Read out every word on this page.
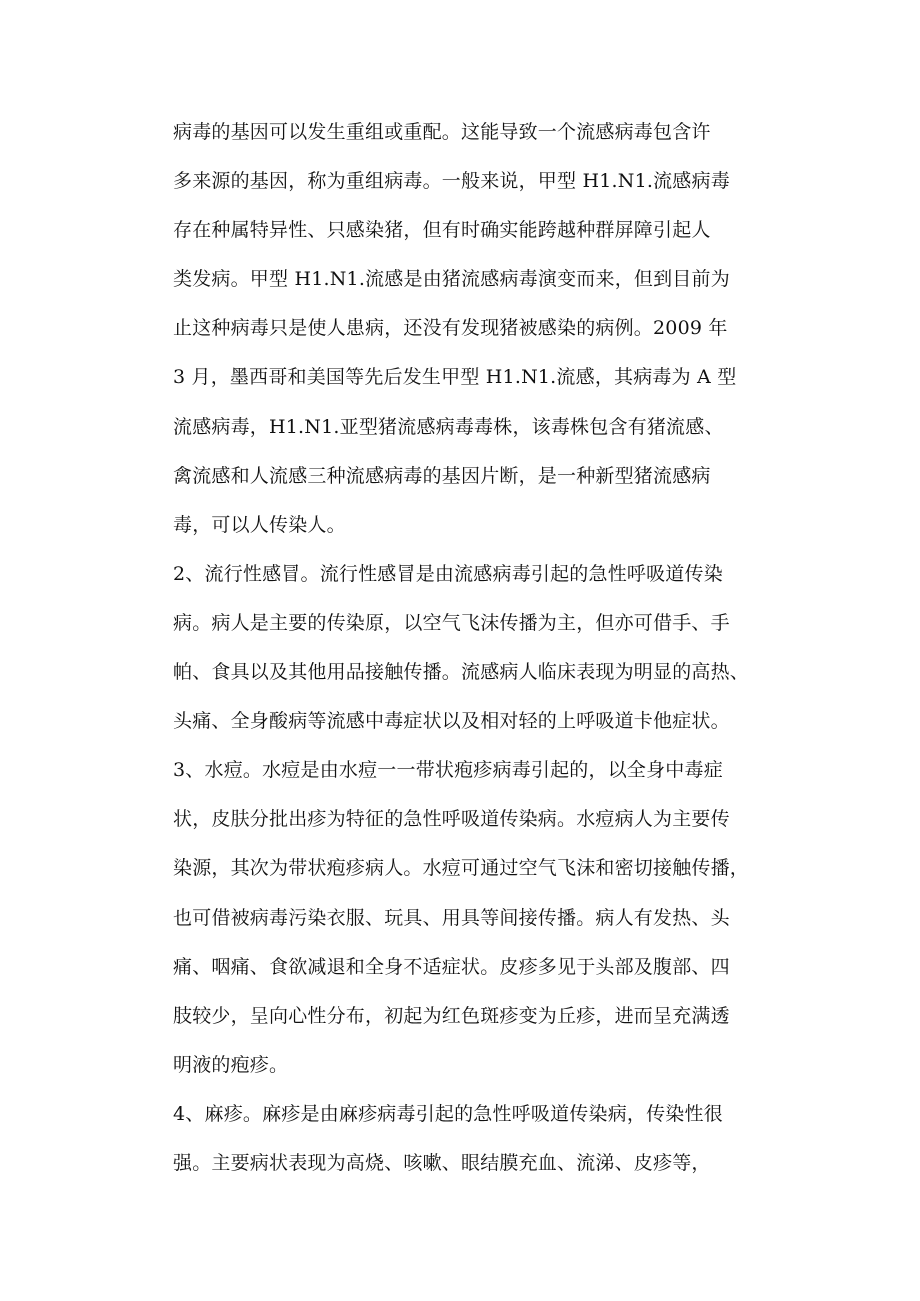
病毒的基因可以发生重组或重配。这能导致一个流感病毒包含许
多来源的基因，称为重组病毒。一般来说，甲型 H1.N1.流感病毒
存在种属特异性、只感染猪，但有时确实能跨越种群屏障引起人
类发病。甲型 H1.N1.流感是由猪流感病毒演变而来，但到目前为
止这种病毒只是使人患病，还没有发现猪被感染的病例。2009 年
3 月，墨西哥和美国等先后发生甲型 H1.N1.流感，其病毒为 A 型
流感病毒，H1.N1.亚型猪流感病毒毒株，该毒株包含有猪流感、
禽流感和人流感三种流感病毒的基因片断，是一种新型猪流感病
毒，可以人传染人。
2、流行性感冒。流行性感冒是由流感病毒引起的急性呼吸道传染
病。病人是主要的传染原，以空气飞沫传播为主，但亦可借手、手
帕、食具以及其他用品接触传播。流感病人临床表现为明显的高热、
头痛、全身酸病等流感中毒症状以及相对轻的上呼吸道卡他症状。
3、水痘。水痘是由水痘一一带状疱疹病毒引起的，以全身中毒症
状，皮肤分批出疹为特征的急性呼吸道传染病。水痘病人为主要传
染源，其次为带状疱疹病人。水痘可通过空气飞沫和密切接触传播，
也可借被病毒污染衣服、玩具、用具等间接传播。病人有发热、头
痛、咽痛、食欲减退和全身不适症状。皮疹多见于头部及腹部、四
肢较少，呈向心性分布，初起为红色斑疹变为丘疹，进而呈充满透
明液的疱疹。
4、麻疹。麻疹是由麻疹病毒引起的急性呼吸道传染病，传染性很
强。主要病状表现为高烧、咳嗽、眼结膜充血、流涕、皮疹等，
